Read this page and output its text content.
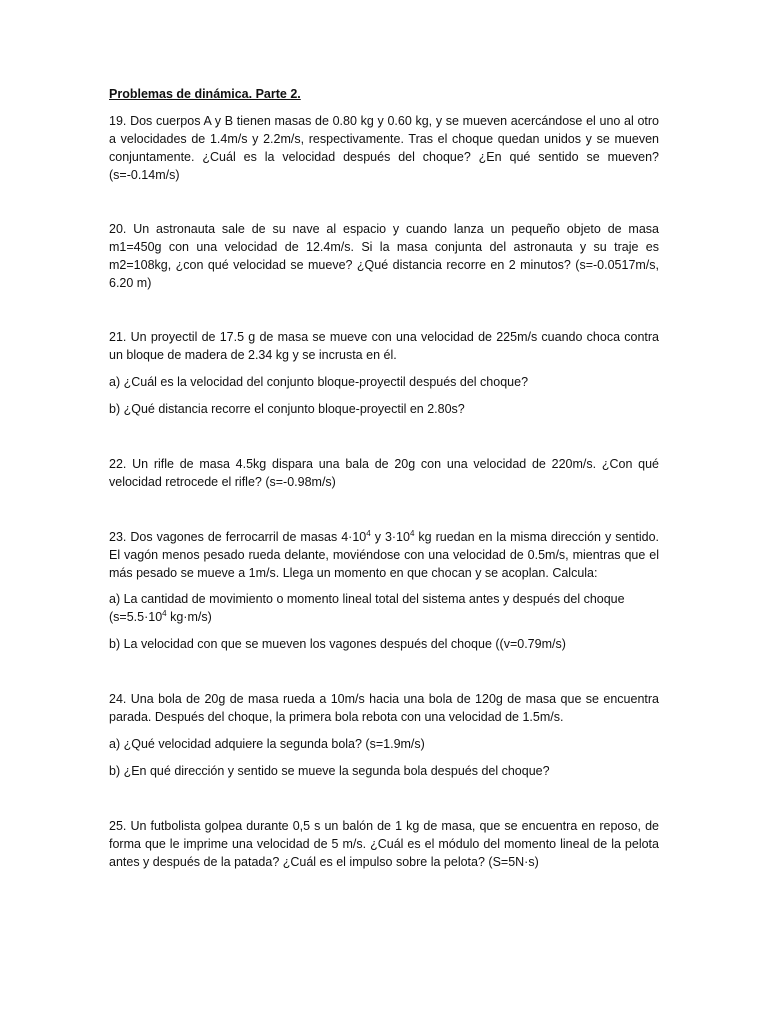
Problemas de dinámica. Parte 2.

19. Dos cuerpos A y B tienen masas de 0.80 kg y 0.60 kg, y se mueven acercándose el uno al otro a velocidades de 1.4m/s y 2.2m/s, respectivamente. Tras el choque quedan unidos y se mueven conjuntamente. ¿Cuál es la velocidad después del choque? ¿En qué sentido se mueven? (s=-0.14m/s)

20. Un astronauta sale de su nave al espacio y cuando lanza un pequeño objeto de masa m1=450g con una velocidad de 12.4m/s. Si la masa conjunta del astronauta y su traje es m2=108kg, ¿con qué velocidad se mueve? ¿Qué distancia recorre en 2 minutos? (s=-0.0517m/s, 6.20 m)

21. Un proyectil de 17.5 g de masa se mueve con una velocidad de 225m/s cuando choca contra un bloque de madera de 2.34 kg y se incrusta en él.

a) ¿Cuál es la velocidad del conjunto bloque-proyectil después del choque?

b) ¿Qué distancia recorre el conjunto bloque-proyectil en 2.80s?

22. Un rifle de masa 4.5kg dispara una bala de 20g con una velocidad de 220m/s. ¿Con qué velocidad retrocede el rifle? (s=-0.98m/s)

23. Dos vagones de ferrocarril de masas $4\cdot 10^4$ y $3\cdot 10^4$ kg ruedan en la misma dirección y sentido. El vagón menos pesado rueda delante, moviéndose con una velocidad de 0.5m/s, mientras que el más pesado se mueve a 1m/s. Llega un momento en que chocan y se acoplan. Calcula:

a) La cantidad de movimiento o momento lineal total del sistema antes y después del choque ($s=5.5\cdot 10^4$ kg·m/s)

b) La velocidad con que se mueven los vagones después del choque ((v=0.79m/s)

24. Una bola de 20g de masa rueda a 10m/s hacia una bola de 120g de masa que se encuentra parada. Después del choque, la primera bola rebota con una velocidad de 1.5m/s.

a) ¿Qué velocidad adquiere la segunda bola? (s=1.9m/s)

b) ¿En qué dirección y sentido se mueve la segunda bola después del choque?

25. Un futbolista golpea durante 0,5 s un balón de 1 kg de masa, que se encuentra en reposo, de forma que le imprime una velocidad de 5 m/s. ¿Cuál es el módulo del momento lineal de la pelota antes y después de la patada? ¿Cuál es el impulso sobre la pelota? (S=5N·s)
